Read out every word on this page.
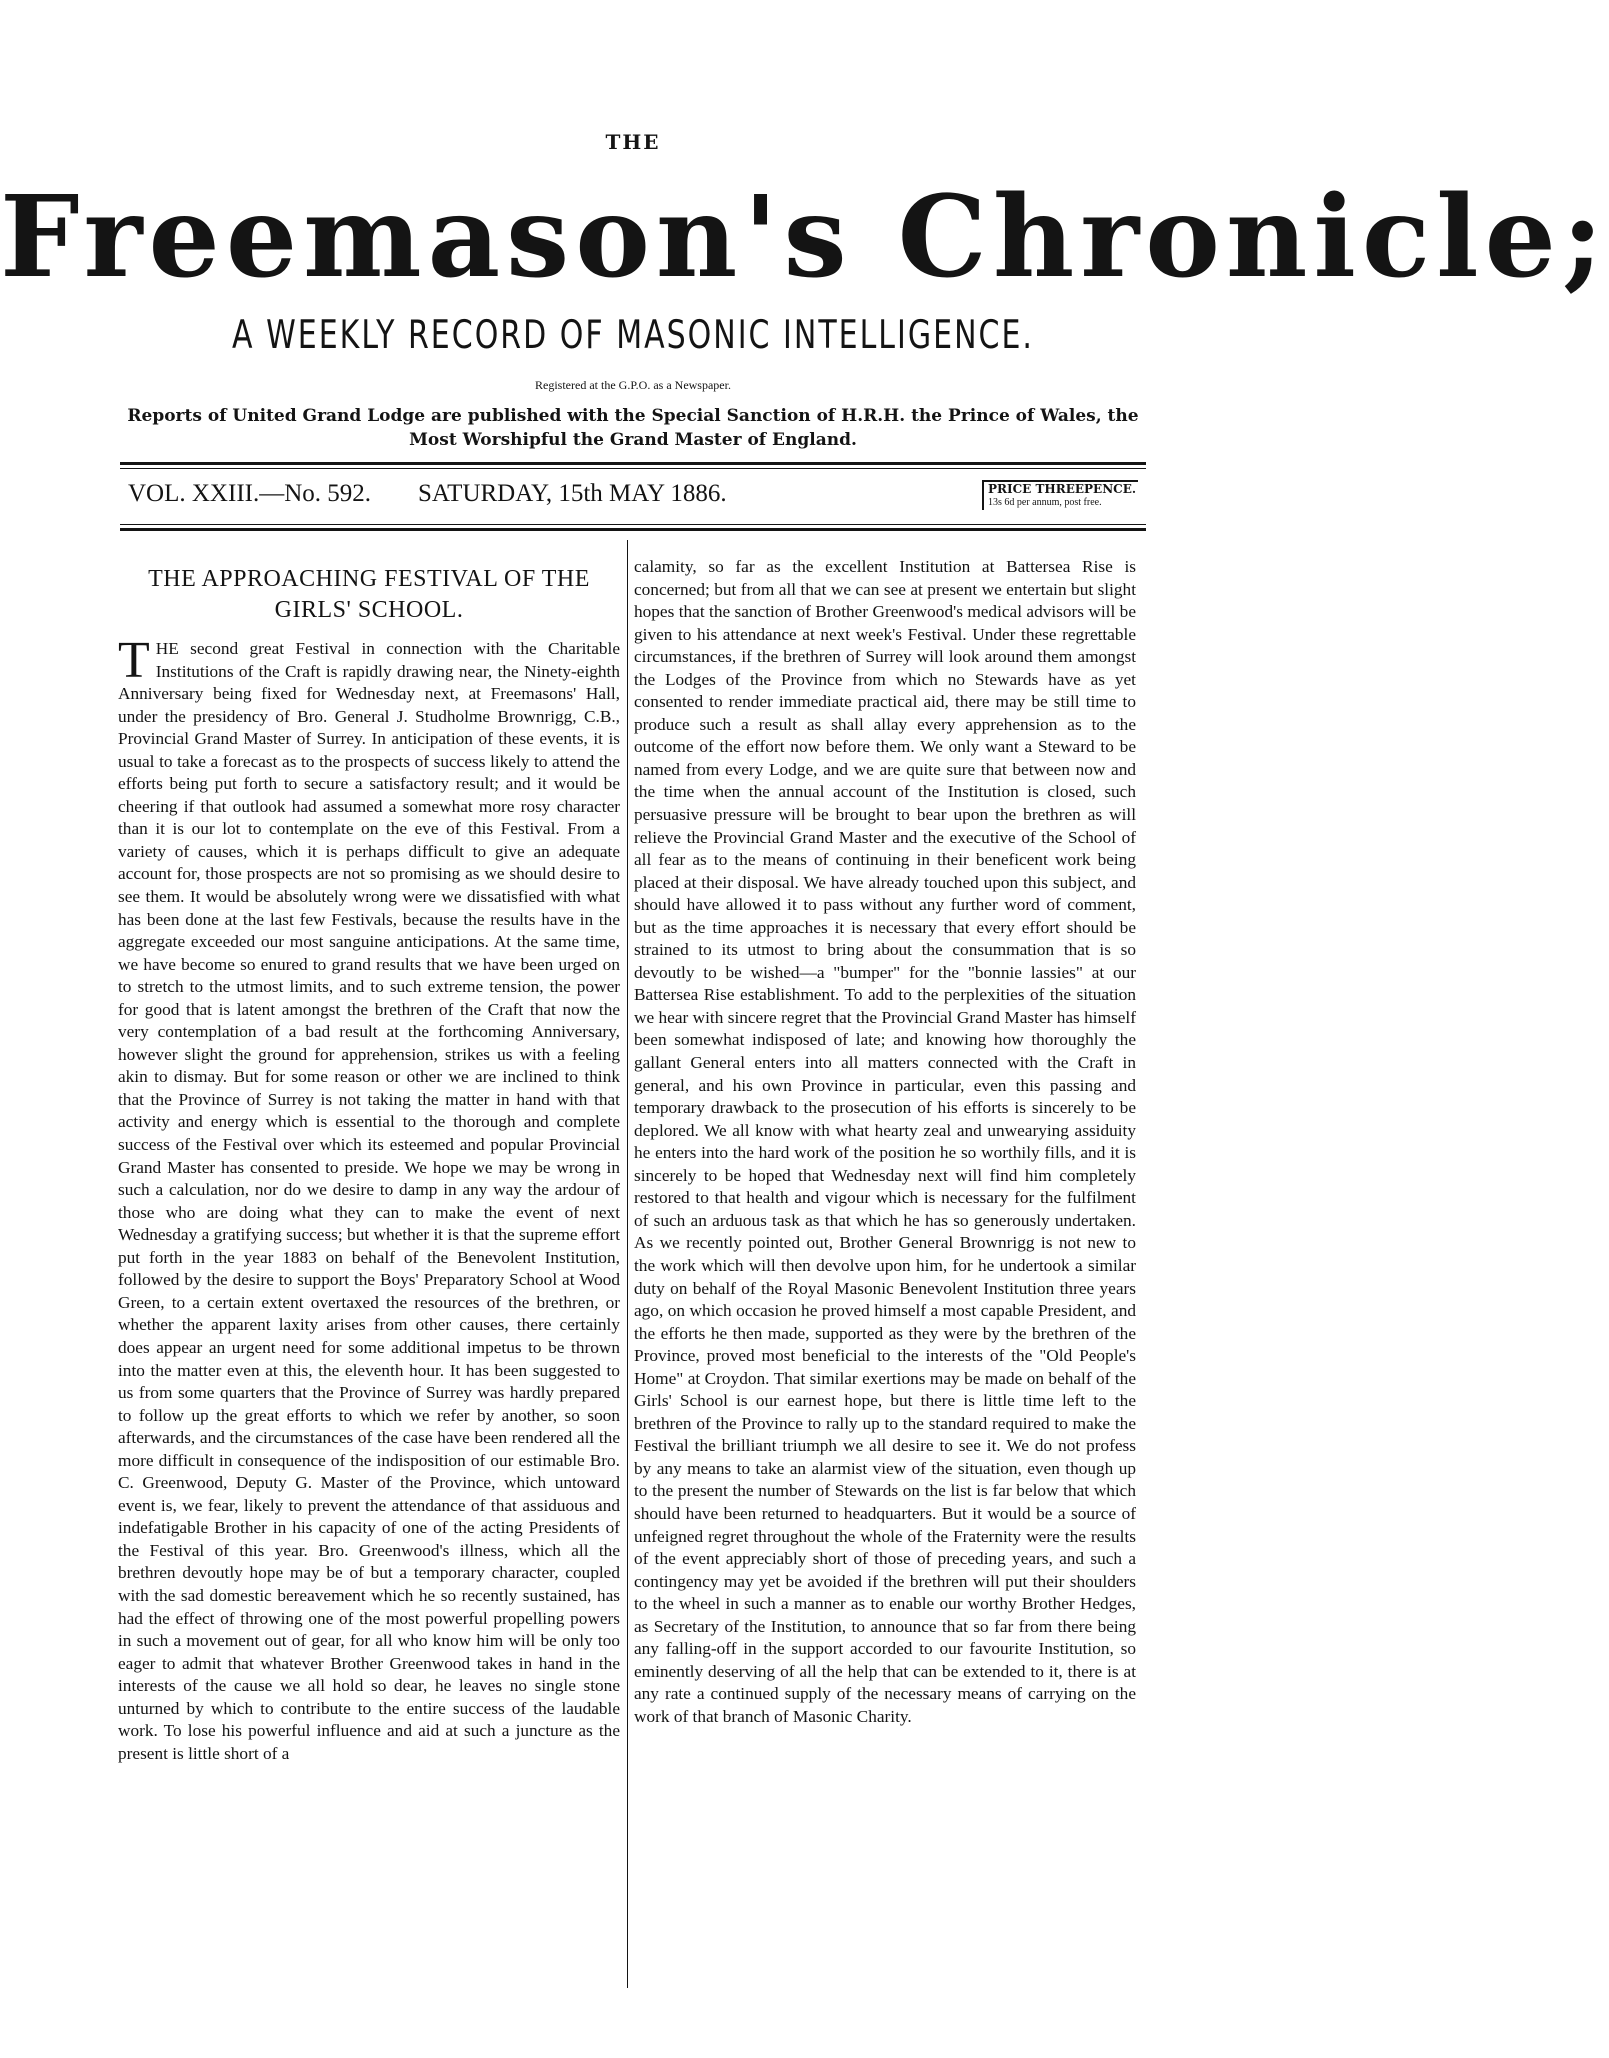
THE
Freemason's Chronicle;
A WEEKLY RECORD OF MASONIC INTELLIGENCE.
Registered at the G.P.O. as a Newspaper.
Reports of United Grand Lodge are published with the Special Sanction of H.R.H. the Prince of Wales, the Most Worshipful the Grand Master of England.
VOL. XXIII.—No. 592. SATURDAY, 15th MAY 1886.	PRICE THREEPENCE.
13s 6d per annum, post free.
THE APPROACHING FESTIVAL OF THE GIRLS' SCHOOL.

THE second great Festival in connection with the Charitable Institutions of the Craft is rapidly drawing near, the Ninety-eighth Anniversary being fixed for Wednesday next, at Freemasons' Hall, under the presidency of Bro. General J. Studholme Brownrigg, C.B., Provincial Grand Master of Surrey. In anticipation of these events, it is usual to take a forecast as to the prospects of success likely to attend the efforts being put forth to secure a satisfactory result; and it would be cheering if that outlook had assumed a somewhat more rosy character than it is our lot to contemplate on the eve of this Festival. From a variety of causes, which it is perhaps difficult to give an adequate account for, those prospects are not so promising as we should desire to see them. It would be absolutely wrong were we dissatisfied with what has been done at the last few Festivals, because the results have in the aggregate exceeded our most sanguine anticipations. At the same time, we have become so enured to grand results that we have been urged on to stretch to the utmost limits, and to such extreme tension, the power for good that is latent amongst the brethren of the Craft that now the very contemplation of a bad result at the forthcoming Anniversary, however slight the ground for apprehension, strikes us with a feeling akin to dismay. But for some reason or other we are inclined to think that the Province of Surrey is not taking the matter in hand with that activity and energy which is essential to the thorough and complete success of the Festival over which its esteemed and popular Provincial Grand Master has consented to preside. We hope we may be wrong in such a calculation, nor do we desire to damp in any way the ardour of those who are doing what they can to make the event of next Wednesday a gratifying success; but whether it is that the supreme effort put forth in the year 1883 on behalf of the Benevolent Institution, followed by the desire to support the Boys' Preparatory School at Wood Green, to a certain extent overtaxed the resources of the brethren, or whether the apparent laxity arises from other causes, there certainly does appear an urgent need for some additional impetus to be thrown into the matter even at this, the eleventh hour. It has been suggested to us from some quarters that the Province of Surrey was hardly prepared to follow up the great efforts to which we refer by another, so soon afterwards, and the circumstances of the case have been rendered all the more difficult in consequence of the indisposition of our estimable Bro. C. Greenwood, Deputy G. Master of the Province, which untoward event is, we fear, likely to prevent the attendance of that assiduous and indefatigable Brother in his capacity of one of the acting Presidents of the Festival of this year. Bro. Greenwood's illness, which all the brethren devoutly hope may be of but a temporary character, coupled with the sad domestic bereavement which he so recently sustained, has had the effect of throwing one of the most powerful propelling powers in such a movement out of gear, for all who know him will be only too eager to admit that whatever Brother Greenwood takes in hand in the interests of the cause we all hold so dear, he leaves no single stone unturned by which to contribute to the entire success of the laudable work. To lose his powerful influence and aid at such a juncture as the present is little short of a

calamity, so far as the excellent Institution at Battersea Rise is concerned; but from all that we can see at present we entertain but slight hopes that the sanction of Brother Greenwood's medical advisors will be given to his attendance at next week's Festival. Under these regrettable circumstances, if the brethren of Surrey will look around them amongst the Lodges of the Province from which no Stewards have as yet consented to render immediate practical aid, there may be still time to produce such a result as shall allay every apprehension as to the outcome of the effort now before them. We only want a Steward to be named from every Lodge, and we are quite sure that between now and the time when the annual account of the Institution is closed, such persuasive pressure will be brought to bear upon the brethren as will relieve the Provincial Grand Master and the executive of the School of all fear as to the means of continuing in their beneficent work being placed at their disposal. We have already touched upon this subject, and should have allowed it to pass without any further word of comment, but as the time approaches it is necessary that every effort should be strained to its utmost to bring about the consummation that is so devoutly to be wished—a "bumper" for the "bonnie lassies" at our Battersea Rise establishment. To add to the perplexities of the situation we hear with sincere regret that the Provincial Grand Master has himself been somewhat indisposed of late; and knowing how thoroughly the gallant General enters into all matters connected with the Craft in general, and his own Province in particular, even this passing and temporary drawback to the prosecution of his efforts is sincerely to be deplored. We all know with what hearty zeal and unwearying assiduity he enters into the hard work of the position he so worthily fills, and it is sincerely to be hoped that Wednesday next will find him completely restored to that health and vigour which is necessary for the fulfilment of such an arduous task as that which he has so generously undertaken. As we recently pointed out, Brother General Brownrigg is not new to the work which will then devolve upon him, for he undertook a similar duty on behalf of the Royal Masonic Benevolent Institution three years ago, on which occasion he proved himself a most capable President, and the efforts he then made, supported as they were by the brethren of the Province, proved most beneficial to the interests of the "Old People's Home" at Croydon. That similar exertions may be made on behalf of the Girls' School is our earnest hope, but there is little time left to the brethren of the Province to rally up to the standard required to make the Festival the brilliant triumph we all desire to see it. We do not profess by any means to take an alarmist view of the situation, even though up to the present the number of Stewards on the list is far below that which should have been returned to headquarters. But it would be a source of unfeigned regret throughout the whole of the Fraternity were the results of the event appreciably short of those of preceding years, and such a contingency may yet be avoided if the brethren will put their shoulders to the wheel in such a manner as to enable our worthy Brother Hedges, as Secretary of the Institution, to announce that so far from there being any falling-off in the support accorded to our favourite Institution, so eminently deserving of all the help that can be extended to it, there is at any rate a continued supply of the necessary means of carrying on the work of that branch of Masonic Charity.
